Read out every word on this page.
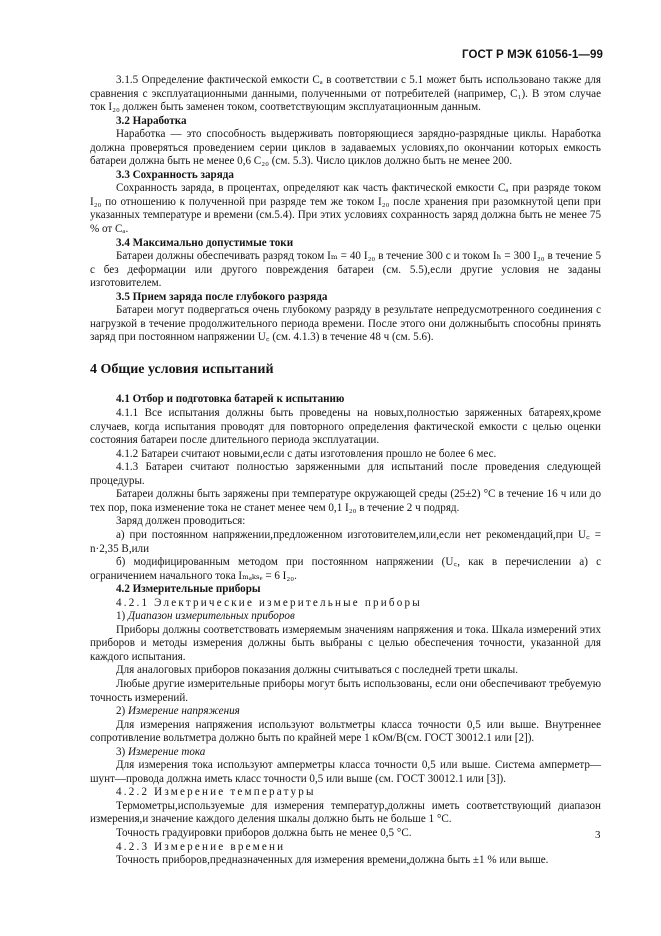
ГОСТ Р МЭК 61056-1—99

3.1.5 Определение фактической емкости Cₐ в соответствии с 5.1 может быть использовано также для сравнения с эксплуатационными данными, полученными от потребителей (например, C₁). В этом случае ток I₂₀ должен быть заменен током, соответствующим эксплуатационным данным.

3.2 Наработка

Наработка — это способность выдерживать повторяющиеся зарядно-разрядные циклы. Наработка должна проверяться проведением серии циклов в задаваемых условиях,по окончании которых емкость батареи должна быть не менее 0,6 C₂₀ (см. 5.3). Число циклов должно быть не менее 200.

3.3 Сохранность заряда

Сохранность заряда, в процентах, определяют как часть фактической емкости Cₐ при разряде током I₂₀ по отношению к полученной при разряде тем же током I₂₀ после хранения при разомкнутой цепи при указанных температуре и времени (см.5.4). При этих условиях сохранность заряд должна быть не менее 75 % от Cₐ.

3.4 Максимально допустимые токи

Батареи должны обеспечивать разряд током Iₘ = 40 I₂₀ в течение 300 с и током Iₕ = 300 I₂₀ в течение 5 с без деформации или другого повреждения батареи (см. 5.5),если другие условия не заданы изготовителем.

3.5 Прием заряда после глубокого разряда

Батареи могут подвергаться очень глубокому разряду в результате непредусмотренного соединения с нагрузкой в течение продолжительного периода времени. После этого они должныбыть способны принять заряд при постоянном напряжении U꜀ (см. 4.1.3) в течение 48 ч (см. 5.6).

4 Общие условия испытаний

4.1 Отбор и подготовка батарей к испытанию

4.1.1 Все испытания должны быть проведены на новых,полностью заряженных батареях,кроме случаев, когда испытания проводят для повторного определения фактической емкости с целью оценки состояния батареи после длительного периода эксплуатации.

4.1.2 Батареи считают новыми,если с даты изготовления прошло не более 6 мес.

4.1.3 Батареи считают полностью заряженными для испытаний после проведения следующей процедуры.

Батареи должны быть заряжены при температуре окружающей среды (25±2) °С в течение 16 ч или до тех пор, пока изменение тока не станет менее чем 0,1 I₂₀ в течение 2 ч подряд.

Заряд должен проводиться:

а) при постоянном напряжении,предложенном изготовителем,или,если нет рекомендаций,при U꜀ = n·2,35 В,или

б) модифицированным методом при постоянном напряжении (U꜀, как в перечислении а) с ограничением начального тока Iₘₐₖₛₑ = 6 I₂₀.

4.2 Измерительные приборы

4.2.1 Электрические измерительные приборы

1) Диапазон измерительных приборов

Приборы должны соответствовать измеряемым значениям напряжения и тока. Шкала измерений этих приборов и методы измерения должны быть выбраны с целью обеспечения точности, указанной для каждого испытания.

Для аналоговых приборов показания должны считываться с последней трети шкалы.

Любые другие измерительные приборы могут быть использованы, если они обеспечивают требуемую точность измерений.

2) Измерение напряжения

Для измерения напряжения используют вольтметры класса точности 0,5 или выше. Внутреннее сопротивление вольтметра должно быть по крайней мере 1 кОм/В(см. ГОСТ 30012.1 или [2]).

3) Измерение тока

Для измерения тока используют амперметры класса точности 0,5 или выше. Система амперметр—шунт—провода должна иметь класс точности 0,5 или выше (см. ГОСТ 30012.1 или [3]).

4.2.2 Измерение температуры

Термометры,используемые для измерения температур,должны иметь соответствующий диапазон измерения,и значение каждого деления шкалы должно быть не больше 1 °С.

Точность градуировки приборов должна быть не менее 0,5 °С.

4.2.3 Измерение времени

Точность приборов,предназначенных для измерения времени,должна быть ±1 % или выше.

3
